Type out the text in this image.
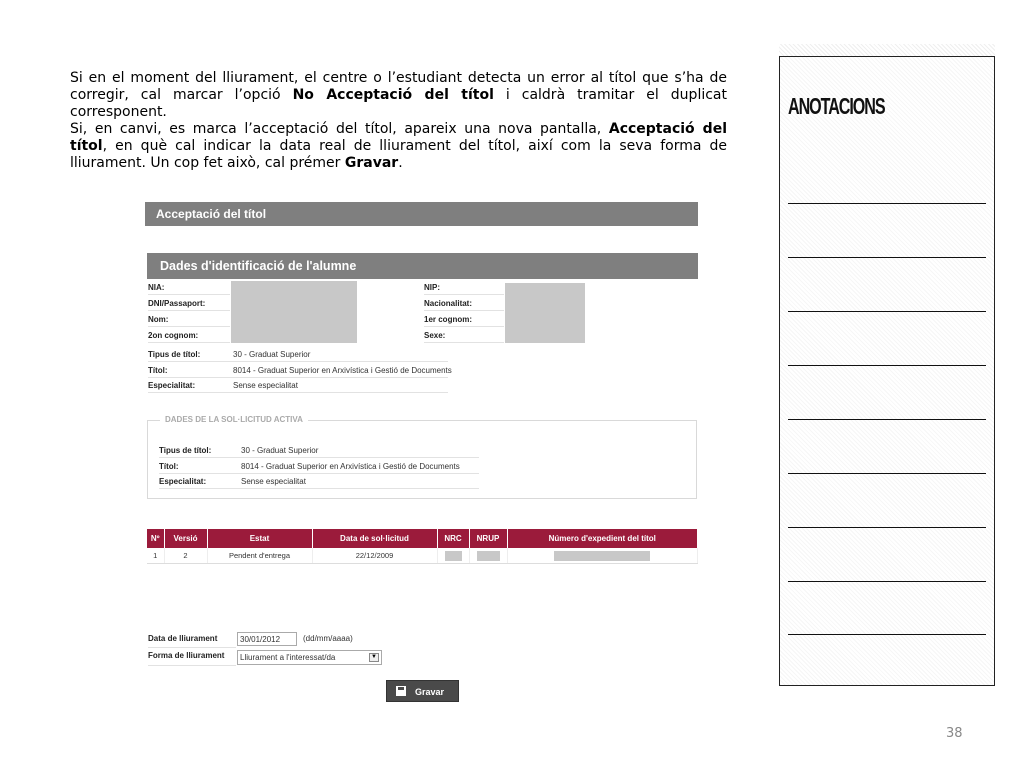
Si en el moment del lliurament, el centre o l’estudiant detecta un error al títol que s’ha de corregir, cal marcar l’opció No Acceptació del títol i caldrà tramitar el duplicat corresponent.

Si, en canvi, es marca l’acceptació del títol, apareix una nova pantalla, Acceptació del títol, en què cal indicar la data real de lliurament del títol, així com la seva forma de lliurament. Un cop fet això, cal prémer Gravar.

Acceptació del títol
Dades d'identificació de l'alumne
NIA:
DNI/Passaport:
Nom:
2on cognom:
NIP:
Nacionalitat:
1er cognom:
Sexe:
Tipus de títol:	30 - Graduat Superior
Títol:	8014 - Graduat Superior en Arxivística i Gestió de Documents
Especialitat:	Sense especialitat
DADES DE LA SOL·LICITUD ACTIVA
Tipus de títol:	30 - Graduat Superior
Títol:	8014 - Graduat Superior en Arxivística i Gestió de Documents
Especialitat:	Sense especialitat
Nº	Versió	Estat	Data de sol·licitud	NRC	NRUP	Número d'expedient del títol
1	2	Pendent d'entrega	22/12/2009			
Data de lliurament	30/01/2012	(dd/mm/aaaa)
Forma de lliurament	Lliurament a l'interessat/da	▼
Gravar
ANOTACIONS
38
